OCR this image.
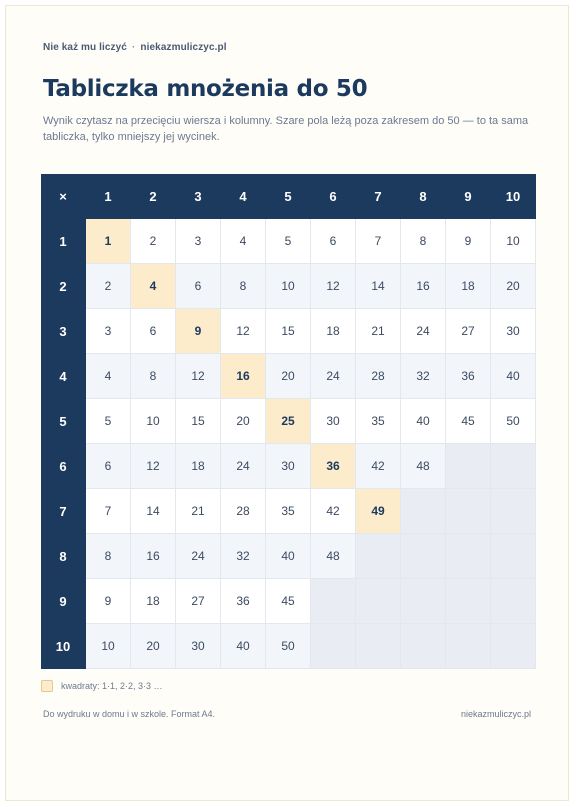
Nie każ mu liczyć · niekazmuliczyc.pl
Tabliczka mnożenia do 50
Wynik czytasz na przecięciu wiersza i kolumny. Szare pola leżą poza zakresem do 50 — to ta sama tabliczka, tylko mniejszy jej wycinek.
×	1	2	3	4	5	6	7	8	9	10
1	1	2	3	4	5	6	7	8	9	10
2	2	4	6	8	10	12	14	16	18	20
3	3	6	9	12	15	18	21	24	27	30
4	4	8	12	16	20	24	28	32	36	40
5	5	10	15	20	25	30	35	40	45	50
6	6	12	18	24	30	36	42	48
7	7	14	21	28	35	42	49
8	8	16	24	32	40	48
9	9	18	27	36	45
10	10	20	30	40	50
kwadraty: 1·1, 2·2, 3·3 …
Do wydruku w domu i w szkole. Format A4.	niekazmuliczyc.pl
